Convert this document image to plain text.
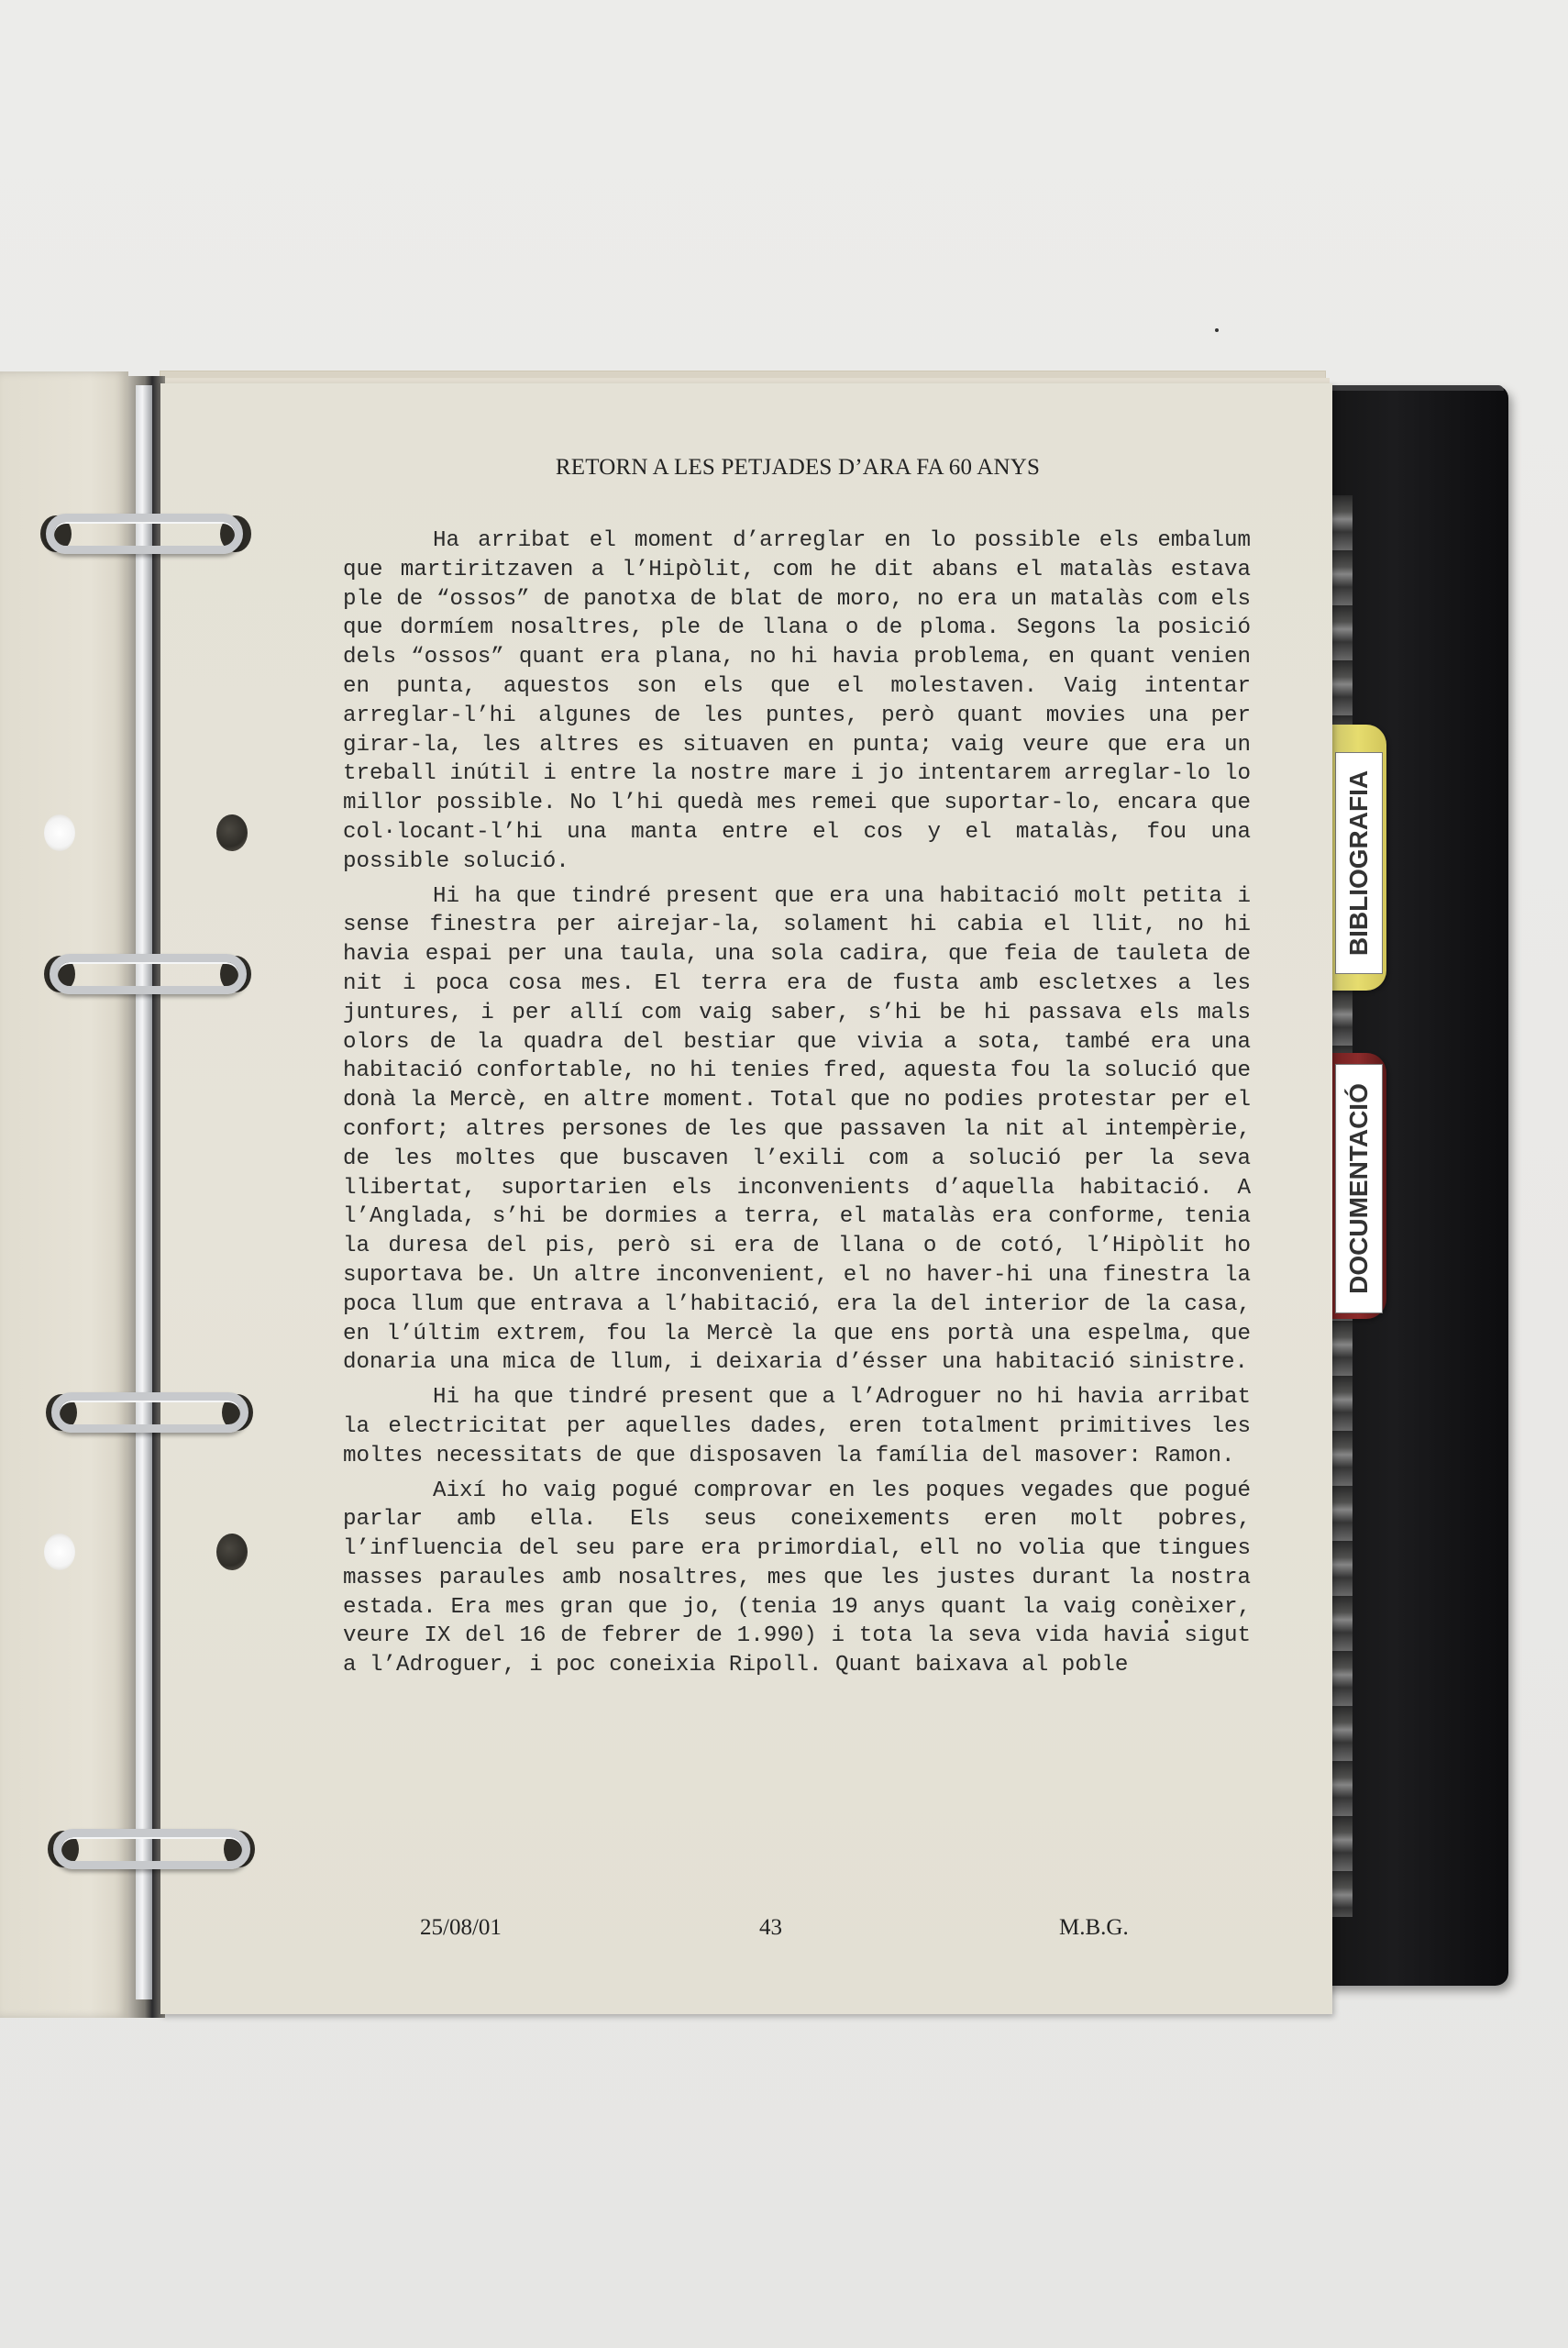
BIBLIOGRAFIA
DOCUMENTACIÓ
RETORN A LES PETJADES D’ARA FA 60 ANYS

Ha arribat el moment d’arreglar en lo possible els embalum que martiritzaven a l’Hipòlit, com he dit abans el matalàs estava ple de “ossos” de panotxa de blat de moro, no era un matalàs com els que dormíem nosaltres, ple de llana o de ploma. Segons la posició dels “ossos” quant era plana, no hi havia problema, en quant venien en punta, aquestos son els que el molestaven. Vaig intentar arreglar-l’hi algunes de les puntes, però quant movies una per girar-la, les altres es situaven en punta; vaig veure que era un treball inútil i entre la nostre mare i jo intentarem arreglar-lo lo millor possible. No l’hi quedà mes remei que suportar-lo, encara que col·locant-l’hi una manta entre el cos y el matalàs, fou una possible solució.

Hi ha que tindré present que era una habitació molt petita i sense finestra per airejar-la, solament hi cabia el llit, no hi havia espai per una taula, una sola cadira, que feia de tauleta de nit i poca cosa mes. El terra era de fusta amb escletxes a les juntures, i per allí com vaig saber, s’hi be hi passava els mals olors de la quadra del bestiar que vivia a sota, també era una habitació confortable, no hi tenies fred, aquesta fou la solució que donà la Mercè, en altre moment. Total que no podies protestar per el confort; altres persones de les que passaven la nit al intempèrie, de les moltes que buscaven l’exili com a solució per la seva llibertat, suportarien els inconvenients d’aquella habitació. A l’Anglada, s’hi be dormies a terra, el matalàs era conforme, tenia la duresa del pis, però si era de llana o de cotó, l’Hipòlit ho suportava be. Un altre inconvenient, el no haver-hi una finestra la poca llum que entrava a l’habitació, era la del interior de la casa, en l’últim extrem, fou la Mercè la que ens portà una espelma, que donaria una mica de llum, i deixaria d’ésser una habitació sinistre.

Hi ha que tindré present que a l’Adroguer no hi havia arribat la electricitat per aquelles dades, eren totalment primitives les moltes necessitats de que disposaven la família del masover: Ramon.

Així ho vaig pogué comprovar en les poques vegades que pogué parlar amb ella. Els seus coneixements eren molt pobres, l’influencia del seu pare era primordial, ell no volia que tingues masses paraules amb nosaltres, mes que les justes durant la nostra estada. Era mes gran que jo, (tenia 19 anys quant la vaig conèixer, veure IX del 16 de febrer de 1.990) i tota la seva vida havia sigut a l’Adroguer, i poc coneixia Ripoll. Quant baixava al poble

25/08/01	43	M.B.G.
